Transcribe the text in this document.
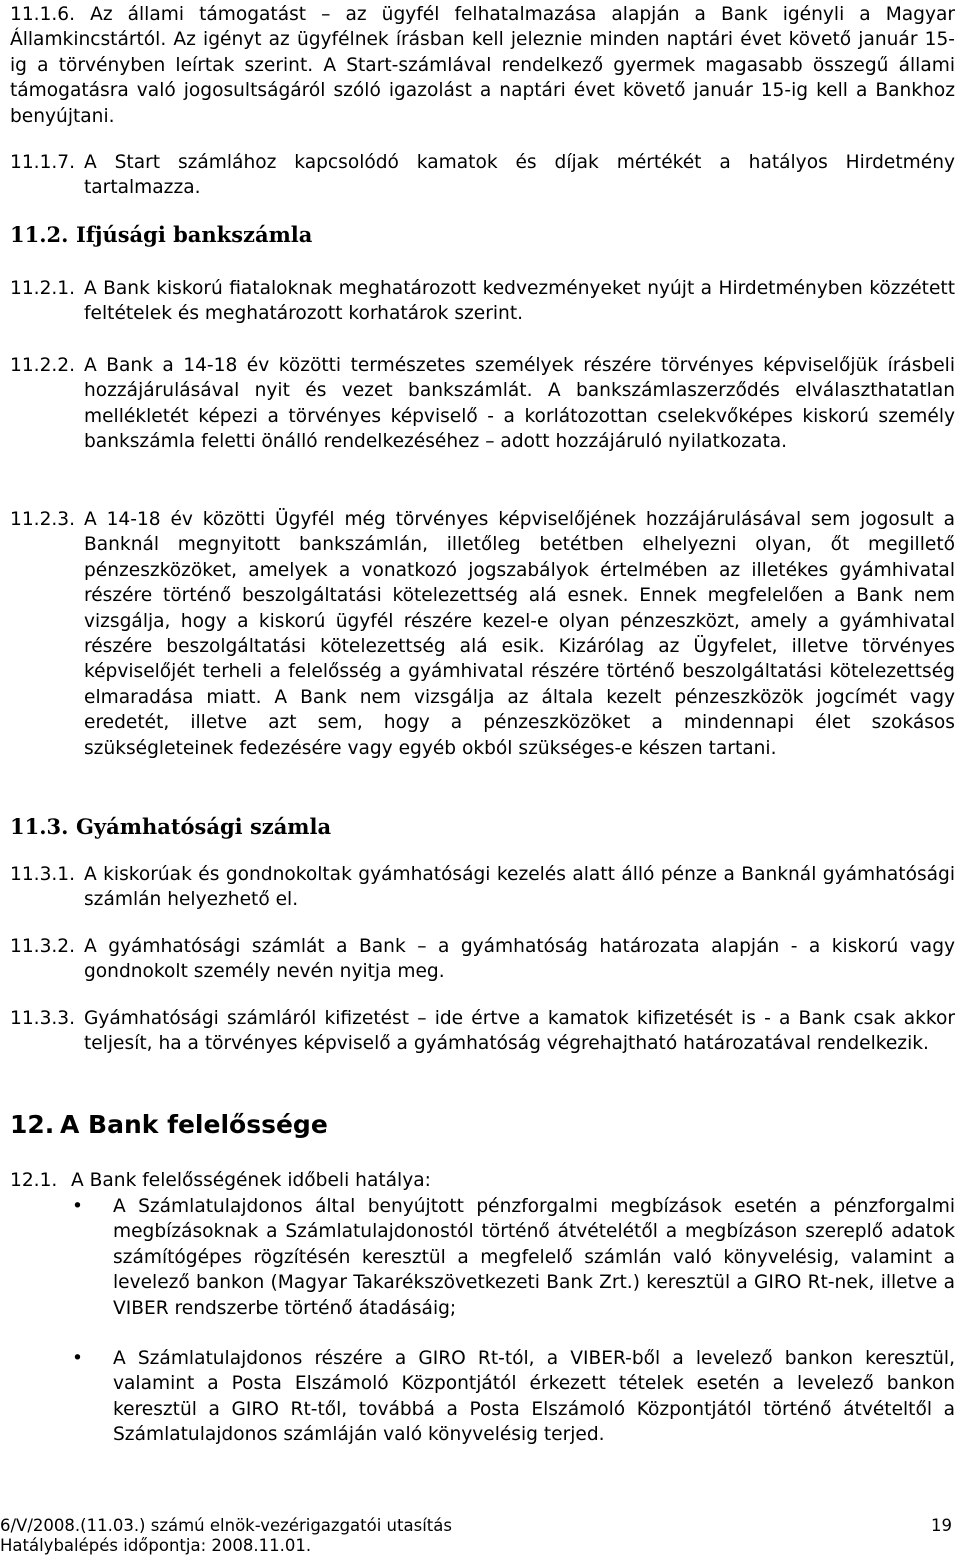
11.1.6. Az állami támogatást – az ügyfél felhatalmazása alapján a Bank igényli a Magyar Államkincstártól. Az igényt az ügyfélnek írásban kell jeleznie minden naptári évet követő január 15-ig a törvényben leírtak szerint. A Start-számlával rendelkező gyermek magasabb összegű állami támogatásra való jogosultságáról szóló igazolást a naptári évet követő január 15-ig kell a Bankhoz benyújtani.
11.1.7. A Start számlához kapcsolódó kamatok és díjak mértékét a hatályos Hirdetmény tartalmazza.
11.2. Ifjúsági bankszámla
11.2.1. A Bank kiskorú fiataloknak meghatározott kedvezményeket nyújt a Hirdetményben közzétett feltételek és meghatározott korhatárok szerint.
11.2.2. A Bank a 14-18 év közötti természetes személyek részére törvényes képviselőjük írásbeli hozzájárulásával nyit és vezet bankszámlát. A bankszámlaszerződés elválaszthatatlan mellékletét képezi a törvényes képviselő - a korlátozottan cselekvőképes kiskorú személy bankszámla feletti önálló rendelkezéséhez – adott hozzájáruló nyilatkozata.
11.2.3. A 14-18 év közötti Ügyfél még törvényes képviselőjének hozzájárulásával sem jogosult a Banknál megnyitott bankszámlán, illetőleg betétben elhelyezni olyan, őt megillető pénzeszközöket, amelyek a vonatkozó jogszabályok értelmében az illetékes gyámhivatal részére történő beszolgáltatási kötelezettség alá esnek. Ennek megfelelően a Bank nem vizsgálja, hogy a kiskorú ügyfél részére kezel-e olyan pénzeszközt, amely a gyámhivatal részére beszolgáltatási kötelezettség alá esik. Kizárólag az Ügyfelet, illetve törvényes képviselőjét terheli a felelősség a gyámhivatal részére történő beszolgáltatási kötelezettség elmaradása miatt. A Bank nem vizsgálja az általa kezelt pénzeszközök jogcímét vagy eredetét, illetve azt sem, hogy a pénzeszközöket a mindennapi élet szokásos szükségleteinek fedezésére vagy egyéb okból szükséges-e készen tartani.
11.3. Gyámhatósági számla
11.3.1. A kiskorúak és gondnokoltak gyámhatósági kezelés alatt álló pénze a Banknál gyámhatósági számlán helyezhető el.
11.3.2. A gyámhatósági számlát a Bank – a gyámhatóság határozata alapján - a kiskorú vagy gondnokolt személy nevén nyitja meg.
11.3.3. Gyámhatósági számláról kifizetést – ide értve a kamatok kifizetését is - a Bank csak akkor teljesít, ha a törvényes képviselő a gyámhatóság végrehajtható határozatával rendelkezik.
12. A Bank felelőssége
12.1. A Bank felelősségének időbeli hatálya:
• A Számlatulajdonos által benyújtott pénzforgalmi megbízások esetén a pénzforgalmi megbízásoknak a Számlatulajdonostól történő átvételétől a megbízáson szereplő adatok számítógépes rögzítésén keresztül a megfelelő számlán való könyvelésig, valamint a levelező bankon (Magyar Takarékszövetkezeti Bank Zrt.) keresztül a GIRO Rt-nek, illetve a VIBER rendszerbe történő átadásáig;
• A Számlatulajdonos részére a GIRO Rt-tól, a VIBER-ből a levelező bankon keresztül, valamint a Posta Elszámoló Központjától érkezett tételek esetén a levelező bankon keresztül a GIRO Rt-től, továbbá a Posta Elszámoló Központjától történő átvételtől a Számlatulajdonos számláján való könyvelésig terjed.
6/V/2008.(11.03.) számú elnök-vezérigazgatói utasítás
Hatálybalépés időpontja: 2008.11.01.
19
